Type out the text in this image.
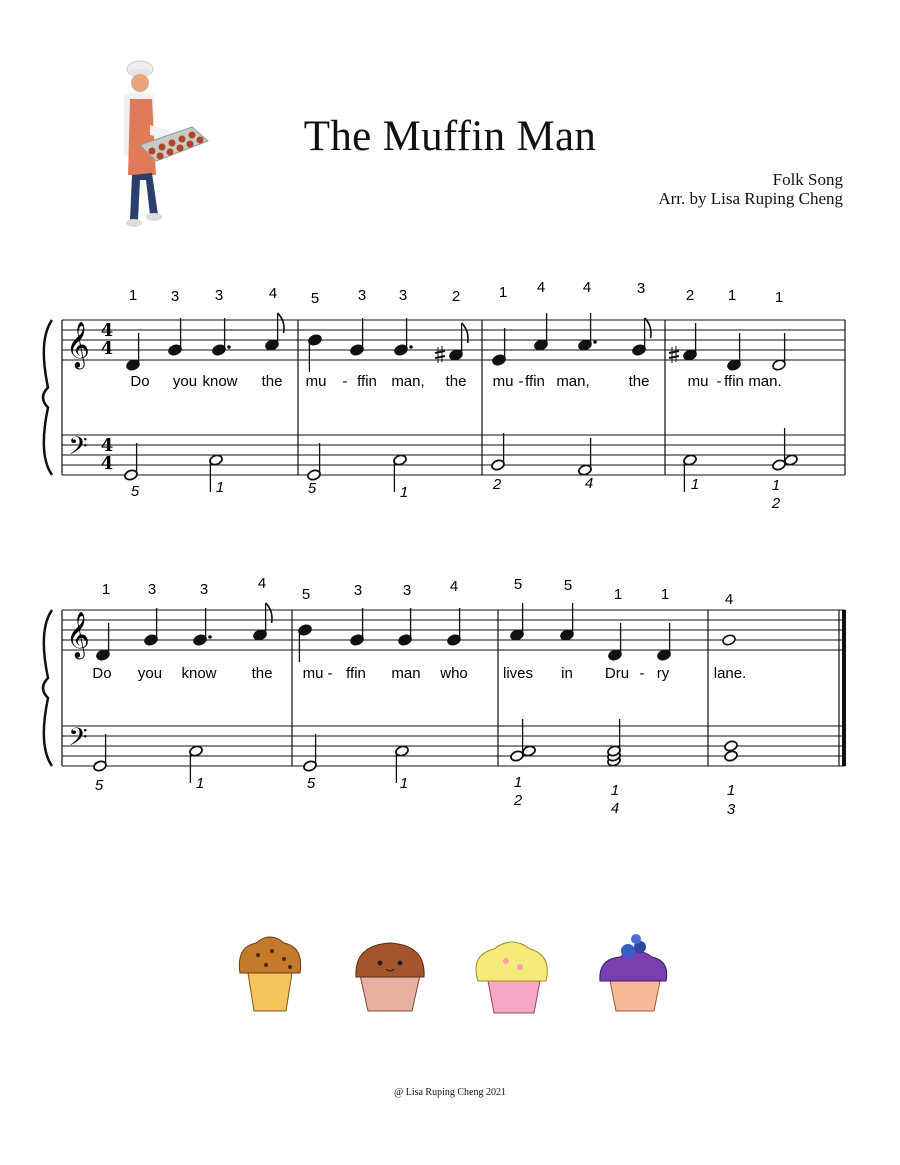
The Muffin Man
Folk Song
Arr. by Lisa Ruping Cheng
𝄞
𝄢
4
4
4
4
1 3 3	4 5	3 3	2	1 4	4	3	2 1	1
Do you know the mu - ffin man, the mu - ffin man,	the	mu - ffin man.
5	1	5	1	2	4	1	1
2
𝄞
𝄢
1	3	3	4
5	3	3	4	5	5
1	1	4
Do you know the mu - ffin man who lives in Dru - ry	lane.
5	1	5	1	1
2
1
4
1
3
@ Lisa Ruping Cheng 2021
